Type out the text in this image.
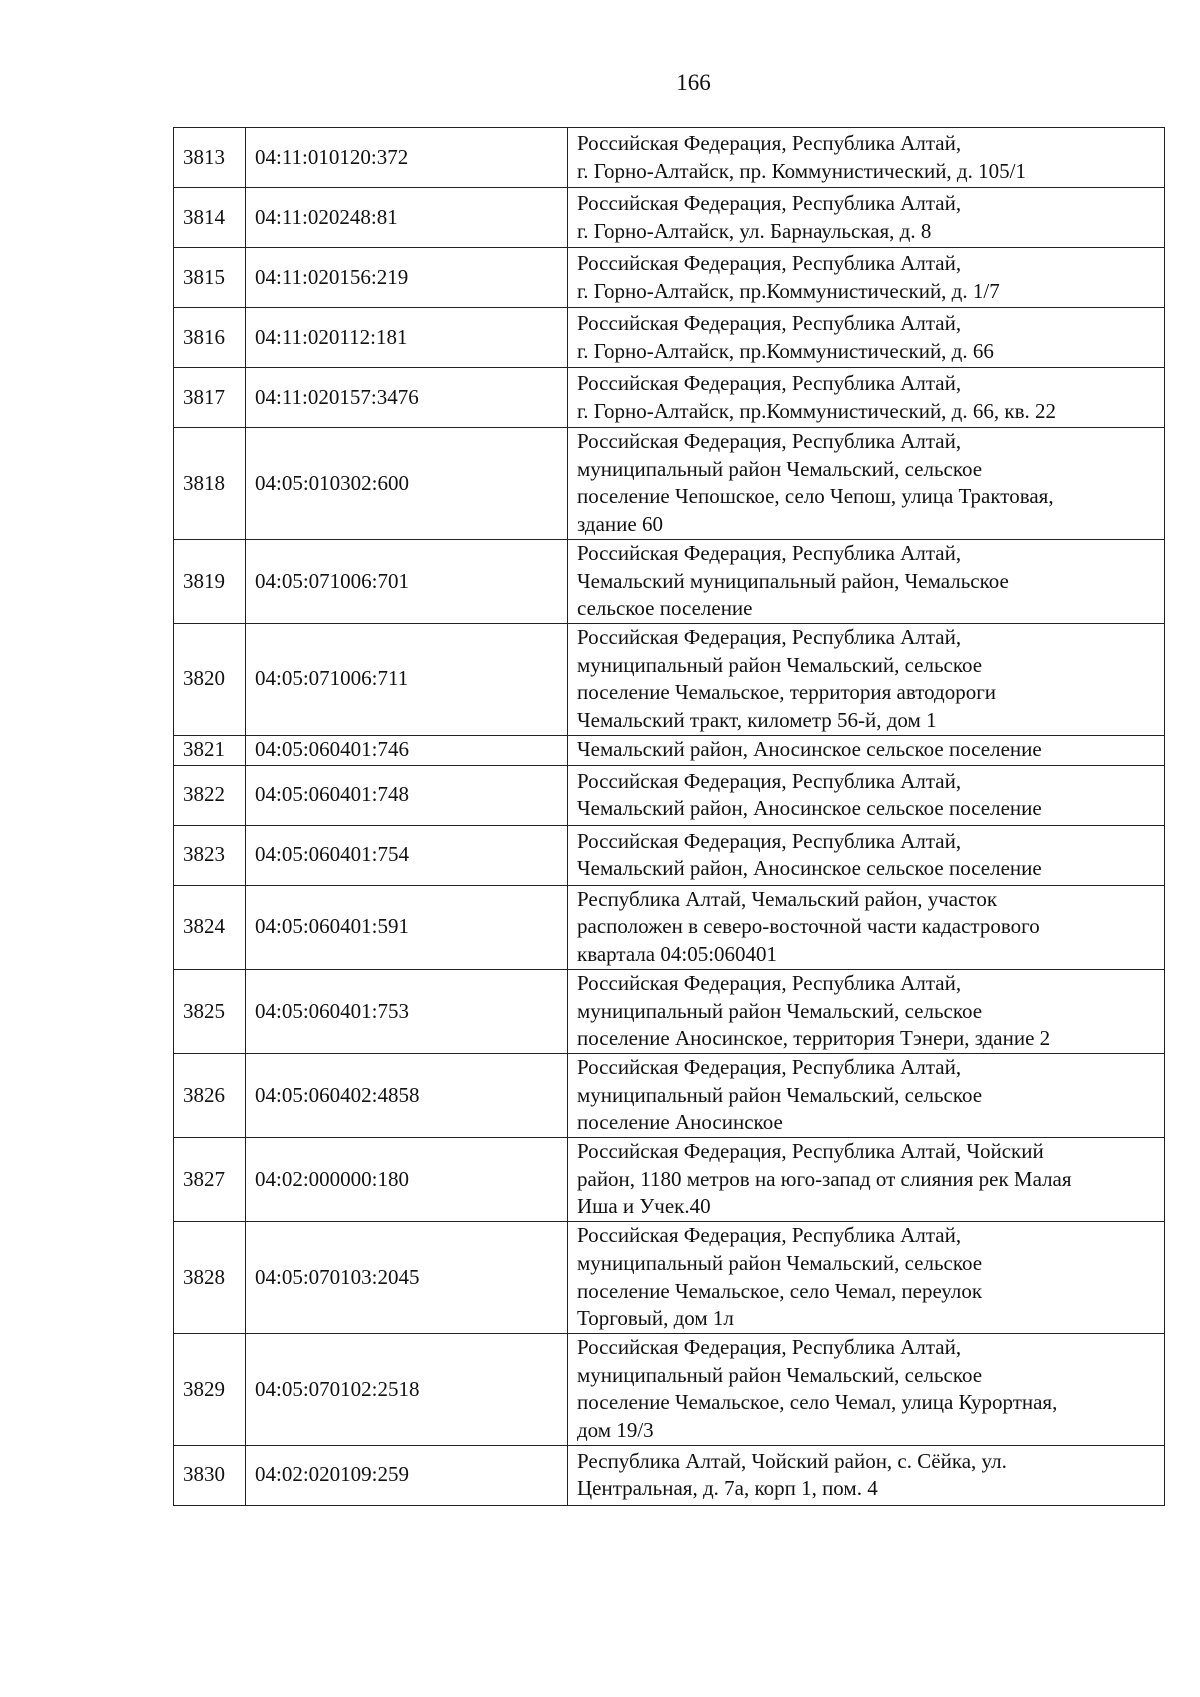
166
3813	04:11:010120:372	Российская Федерация, Республика Алтай,
г. Горно-Алтайск, пр. Коммунистический, д. 105/1

3814	04:11:020248:81	Российская Федерация, Республика Алтай,
г. Горно-Алтайск, ул. Барнаульская, д. 8

3815	04:11:020156:219	Российская Федерация, Республика Алтай,
г. Горно-Алтайск, пр.Коммунистический, д. 1/7

3816	04:11:020112:181	Российская Федерация, Республика Алтай,
г. Горно-Алтайск, пр.Коммунистический, д. 66

3817	04:11:020157:3476	Российская Федерация, Республика Алтай,
г. Горно-Алтайск, пр.Коммунистический, д. 66, кв. 22

3818	04:05:010302:600	Российская Федерация, Республика Алтай,
муниципальный район Чемальский, сельское
поселение Чепошское, село Чепош, улица Трактовая,
здание 60

3819	04:05:071006:701	Российская Федерация, Республика Алтай,
Чемальский муниципальный район, Чемальское
сельское поселение

3820	04:05:071006:711	Российская Федерация, Республика Алтай,
муниципальный район Чемальский, сельское
поселение Чемальское, территория автодороги
Чемальский тракт, километр 56-й, дом 1

3821	04:05:060401:746	Чемальский район, Аносинское сельское поселение

3822	04:05:060401:748	Российская Федерация, Республика Алтай,
Чемальский район, Аносинское сельское поселение

3823	04:05:060401:754	Российская Федерация, Республика Алтай,
Чемальский район, Аносинское сельское поселение

3824	04:05:060401:591	Республика Алтай, Чемальский район, участок
расположен в северо-восточной части кадастрового
квартала 04:05:060401

3825	04:05:060401:753	Российская Федерация, Республика Алтай,
муниципальный район Чемальский, сельское
поселение Аносинское, территория Тэнери, здание 2

3826	04:05:060402:4858	Российская Федерация, Республика Алтай,
муниципальный район Чемальский, сельское
поселение Аносинское

3827	04:02:000000:180	Российская Федерация, Республика Алтай, Чойский
район, 1180 метров на юго-запад от слияния рек Малая
Иша и Учек.40

3828	04:05:070103:2045	Российская Федерация, Республика Алтай,
муниципальный район Чемальский, сельское
поселение Чемальское, село Чемал, переулок
Торговый, дом 1л

3829	04:05:070102:2518	Российская Федерация, Республика Алтай,
муниципальный район Чемальский, сельское
поселение Чемальское, село Чемал, улица Курортная,
дом 19/3

3830	04:02:020109:259	Республика Алтай, Чойский район, с. Сёйка, ул.
Центральная, д. 7а, корп 1, пом. 4
